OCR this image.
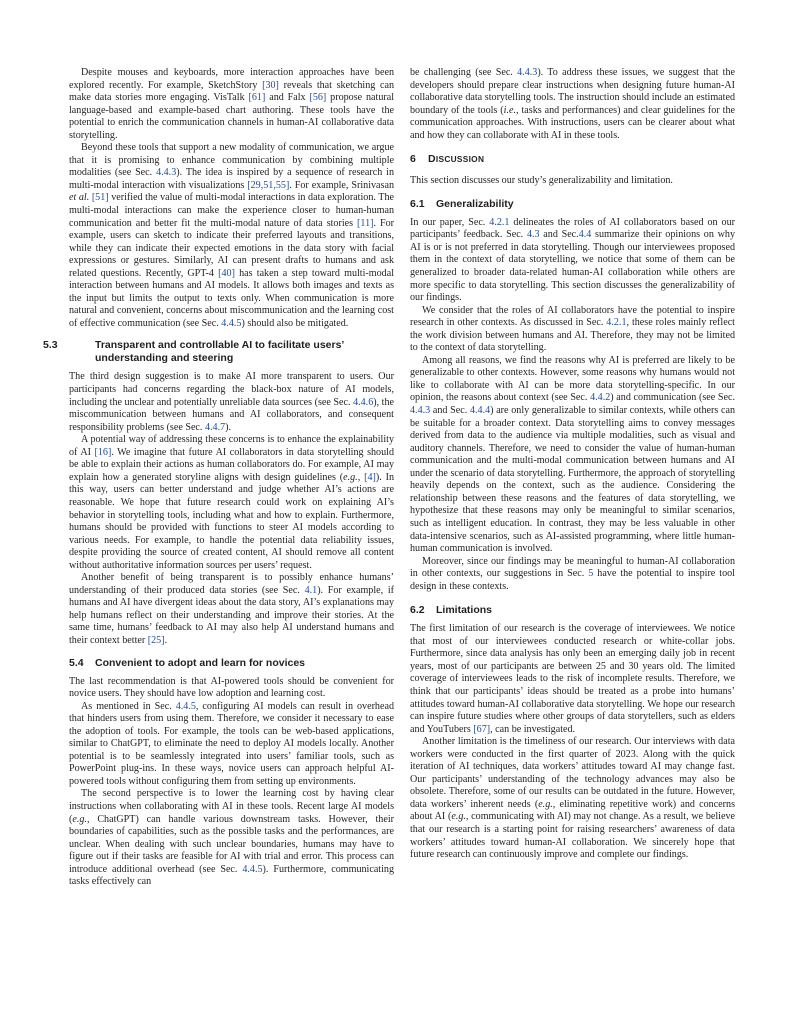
Despite mouses and keyboards, more interaction approaches have been explored recently. For example, SketchStory [30] reveals that sketching can make data stories more engaging. VisTalk [61] and Falx [56] propose natural language-based and example-based chart authoring. These tools have the potential to enrich the communication channels in human-AI collaborative data storytelling.

Beyond these tools that support a new modality of communication, we argue that it is promising to enhance communication by combining multiple modalities (see Sec. 4.4.3). The idea is inspired by a sequence of research in multi-modal interaction with visualizations [29,51,55]. For example, Srinivasan et al. [51] verified the value of multi-modal interactions in data exploration. The multi-modal interactions can make the experience closer to human-human communication and better fit the multi-modal nature of data stories [11]. For example, users can sketch to indicate their preferred layouts and transitions, while they can indicate their expected emotions in the data story with facial expressions or gestures. Similarly, AI can present drafts to humans and ask related questions. Recently, GPT-4 [40] has taken a step toward multi-modal interaction between humans and AI models. It allows both images and texts as the input but limits the output to texts only. When communication is more natural and convenient, concerns about miscommunication and the learning cost of effective communication (see Sec. 4.4.5) should also be mitigated.

5.3	Transparent and controllable AI to facilitate users’ understanding and steering

The third design suggestion is to make AI more transparent to users. Our participants had concerns regarding the black-box nature of AI models, including the unclear and potentially unreliable data sources (see Sec. 4.4.6), the miscommunication between humans and AI collaborators, and consequent responsibility problems (see Sec. 4.4.7).

A potential way of addressing these concerns is to enhance the explainability of AI [16]. We imagine that future AI collaborators in data storytelling should be able to explain their actions as human collaborators do. For example, AI may explain how a generated storyline aligns with design guidelines (e.g., [4]). In this way, users can better understand and judge whether AI’s actions are reasonable. We hope that future research could work on explaining AI’s behavior in storytelling tools, including what and how to explain. Furthermore, humans should be provided with functions to steer AI models according to various needs. For example, to handle the potential data reliability issues, despite providing the source of created content, AI should remove all content without authoritative information sources per users’ request.

Another benefit of being transparent is to possibly enhance humans’ understanding of their produced data stories (see Sec. 4.1). For example, if humans and AI have divergent ideas about the data story, AI’s explanations may help humans reflect on their understanding and improve their stories. At the same time, humans’ feedback to AI may also help AI understand humans and their context better [25].

5.4 Convenient to adopt and learn for novices

The last recommendation is that AI-powered tools should be convenient for novice users. They should have low adoption and learning cost.

As mentioned in Sec. 4.4.5, configuring AI models can result in overhead that hinders users from using them. Therefore, we consider it necessary to ease the adoption of tools. For example, the tools can be web-based applications, similar to ChatGPT, to eliminate the need to deploy AI models locally. Another potential is to be seamlessly integrated into users’ familiar tools, such as PowerPoint plug-ins. In these ways, novice users can approach helpful AI-powered tools without configuring them from setting up environments.

The second perspective is to lower the learning cost by having clear instructions when collaborating with AI in these tools. Recent large AI models (e.g., ChatGPT) can handle various downstream tasks. However, their boundaries of capabilities, such as the possible tasks and the performances, are unclear. When dealing with such unclear boundaries, humans may have to figure out if their tasks are feasible for AI with trial and error. This process can introduce additional overhead (see Sec. 4.4.5). Furthermore, communicating tasks effectively can

be challenging (see Sec. 4.4.3). To address these issues, we suggest that the developers should prepare clear instructions when designing future human-AI collaborative data storytelling tools. The instruction should include an estimated boundary of the tools (i.e., tasks and performances) and clear guidelines for the communication approaches. With instructions, users can be clearer about what and how they can collaborate with AI in these tools.

6 DISCUSSION

This section discusses our study’s generalizability and limitation.

6.1 Generalizability

In our paper, Sec. 4.2.1 delineates the roles of AI collaborators based on our participants’ feedback. Sec. 4.3 and Sec.4.4 summarize their opinions on why AI is or is not preferred in data storytelling. Though our interviewees proposed them in the context of data storytelling, we notice that some of them can be generalized to broader data-related human-AI collaboration while others are more specific to data storytelling. This section discusses the generalizability of our findings.

We consider that the roles of AI collaborators have the potential to inspire research in other contexts. As discussed in Sec. 4.2.1, these roles mainly reflect the work division between humans and AI. Therefore, they may not be limited to the context of data storytelling.

Among all reasons, we find the reasons why AI is preferred are likely to be generalizable to other contexts. However, some reasons why humans would not like to collaborate with AI can be more data storytelling-specific. In our opinion, the reasons about context (see Sec. 4.4.2) and communication (see Sec. 4.4.3 and Sec. 4.4.4) are only generalizable to similar contexts, while others can be suitable for a broader context. Data storytelling aims to convey messages derived from data to the audience via multiple modalities, such as visual and auditory channels. Therefore, we need to consider the value of human-human communication and the multi-modal communication between humans and AI under the scenario of data storytelling. Furthermore, the approach of storytelling heavily depends on the context, such as the audience. Considering the relationship between these reasons and the features of data storytelling, we hypothesize that these reasons may only be meaningful to similar scenarios, such as intelligent education. In contrast, they may be less valuable in other data-intensive scenarios, such as AI-assisted programming, where little human-human communication is involved.

Moreover, since our findings may be meaningful to human-AI collaboration in other contexts, our suggestions in Sec. 5 have the potential to inspire tool design in these contexts.

6.2 Limitations

The first limitation of our research is the coverage of interviewees. We notice that most of our interviewees conducted research or white-collar jobs. Furthermore, since data analysis has only been an emerging daily job in recent years, most of our participants are between 25 and 30 years old. The limited coverage of interviewees leads to the risk of incomplete results. Therefore, we think that our participants’ ideas should be treated as a probe into humans’ attitudes toward human-AI collaborative data storytelling. We hope our research can inspire future studies where other groups of data storytellers, such as elders and YouTubers [67], can be investigated.

Another limitation is the timeliness of our research. Our interviews with data workers were conducted in the first quarter of 2023. Along with the quick iteration of AI techniques, data workers’ attitudes toward AI may change fast. Our participants’ understanding of the technology advances may also be obsolete. Therefore, some of our results can be outdated in the future. However, data workers’ inherent needs (e.g., eliminating repetitive work) and concerns about AI (e.g., communicating with AI) may not change. As a result, we believe that our research is a starting point for raising researchers’ awareness of data workers’ attitudes toward human-AI collaboration. We sincerely hope that future research can continuously improve and complete our findings.
